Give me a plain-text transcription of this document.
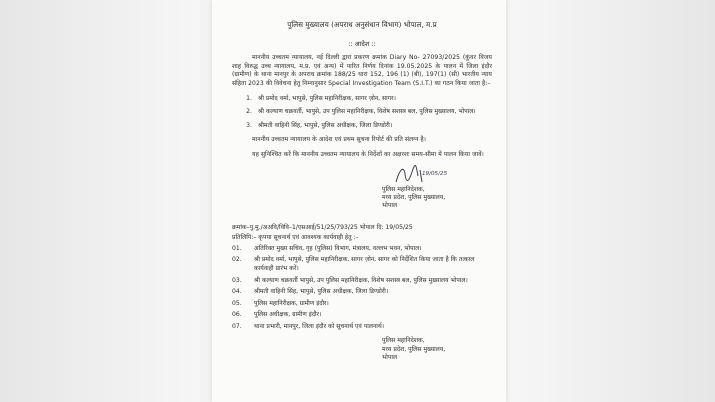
पुलिस मुख्यालय (अपराध अनुसंधान विभाग) भोपाल, म.प्र
:: आदेश ::
माननीय उच्चतम न्यायालय, नई दिल्ली द्वारा प्रकरण क्रमांक Diary No- 27093/2025 (कुंवर विजय शाह विरुद्ध उच्च न्यायालय, म.प्र. एवं अन्य) में पारित निर्णय दिनांक 19.05.2025 के पालन में जिला इंदौर (ग्रामीण) के थाना मानपुर के अपराध क्रमांक 188/25 धारा 152, 196 (1) (बी), 197(1) (सी) भारतीय न्याय संहिता 2023 की विवेचना हेतु निम्नानुसार Special Investigation Team (S.I.T.) का गठन किया जाता है:–
1. श्री प्रमोद वर्मा, भापुसे, पुलिस महानिरीक्षक, सागर ज़ोन, सागर।
2. श्री कल्याण चक्रवर्ती, भापुसे, उप पुलिस महानिरीक्षक, विशेष सशस्त्र बल, पुलिस मुख्यालय, भोपाल।
3. श्रीमती वाहिनी सिंह, भापुसे, पुलिस अधीक्षक, जिला डिण्डोरी।
माननीय उच्चतम न्यायालय के आदेश एवं प्रथम सूचना रिपोर्ट की प्रति संलग्न है।
यह सुनिश्चित करें कि माननीय उच्चतम न्यायालय के निर्देशों का अक्षरशः समय-सीमा में पालन किया जावें।
19/05/25
पुलिस महानिदेशक,
मध्य प्रदेश, पुलिस मुख्यालय,
भोपाल
क्रमांक–पु.मु./अअवि/विवि–1/एसआई/51/25/793/25 भोपाल दि: 19/05/25
प्रतिलिपि:– कृपया सूचनार्थ एवं आवश्यक कार्यवाही हेतु :–
01.	अतिरिक्त मुख्य सचिव, गृह (पुलिस) विभाग, मंत्रालय, वल्लभ भवन, भोपाल।
02.	श्री प्रमोद वर्मा, भापुसे, पुलिस महानिरीक्षक, सागर ज़ोन, सागर को निर्देशित किया जाता है कि तत्काल कार्यवाही प्रारंभ करें।
03.	श्री कल्याण चक्रवर्ती भापुसे, उप पुलिस महानिरीक्षक, विशेष सशस्त्र बल, पुलिस मुख्यालय भोपाल।
04.	श्रीमती वाहिनी सिंह, भापुसे, पुलिस अधीक्षक, जिला डिण्डोरी।
05.	पुलिस महानिरीक्षक, ग्रामीण इंदौर।
06.	पुलिस अधीक्षक, ग्रामीण इंदौर।
07.	थाना प्रभारी, मानपुर, जिला इंदौर को सूचनार्थ एवं पालनार्थ।
पुलिस महानिदेशक,
मध्य प्रदेश, पुलिस मुख्यालय,
भोपाल
